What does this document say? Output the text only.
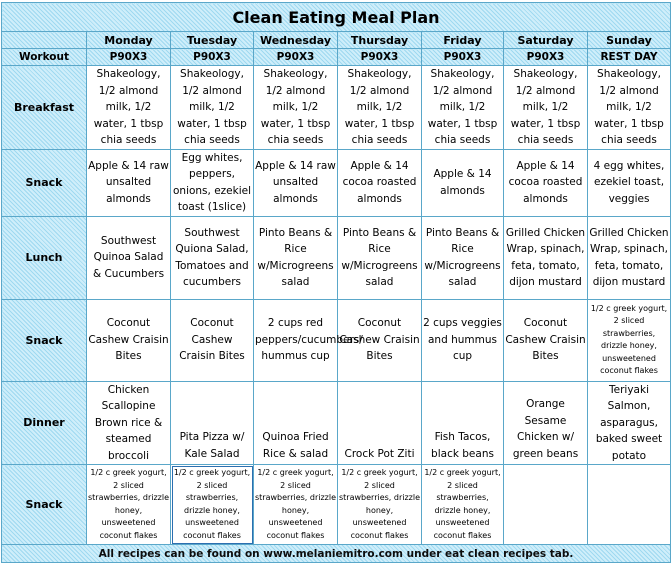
Clean Eating Meal Plan							
	Monday	Tuesday	Wednesday	Thursday	Friday	Saturday	Sunday
Workout	P90X3	P90X3	P90X3	P90X3	P90X3	P90X3	REST DAY
Breakfast	Shakeology, 1/2 almond milk, 1/2 water, 1 tbsp chia seeds	Shakeology, 1/2 almond milk, 1/2 water, 1 tbsp chia seeds	Shakeology, 1/2 almond milk, 1/2 water, 1 tbsp chia seeds	Shakeology, 1/2 almond milk, 1/2 water, 1 tbsp chia seeds	Shakeology, 1/2 almond milk, 1/2 water, 1 tbsp chia seeds	Shakeology, 1/2 almond milk, 1/2 water, 1 tbsp chia seeds	Shakeology, 1/2 almond milk, 1/2 water, 1 tbsp chia seeds
Snack	Apple & 14 raw unsalted almonds	Egg whites, peppers, onions, ezekiel toast (1slice)	Apple & 14 raw unsalted almonds	Apple & 14 cocoa roasted almonds	Apple & 14 almonds	Apple & 14 cocoa roasted almonds	4 egg whites, ezekiel toast, veggies
Lunch	Southwest Quinoa Salad & Cucumbers	Southwest Quiona Salad, Tomatoes and cucumbers	Pinto Beans & Rice w/Microgreens salad	Pinto Beans & Rice w/Microgreens salad	Pinto Beans & Rice w/Microgreens salad	Grilled Chicken Wrap, spinach, feta, tomato, dijon mustard	Grilled Chicken Wrap, spinach, feta, tomato, dijon mustard
Snack	Coconut Cashew Craisin Bites	Coconut Cashew Craisin Bites	2 cups red peppers/cucumbers/ hummus cup	Coconut Cashew Craisin Bites	2 cups veggies and hummus cup	Coconut Cashew Craisin Bites	1/2 c greek yogurt, 2 sliced strawberries, drizzle honey, unsweetened coconut flakes
Dinner	Chicken Scallopine Brown rice & steamed broccoli	Pita Pizza w/ Kale Salad	Quinoa Fried Rice & salad	Crock Pot Ziti	Fish Tacos, black beans	Orange Sesame Chicken w/ green beans	Teriyaki Salmon, asparagus, baked sweet potato
Snack	1/2 c greek yogurt, 2 sliced strawberries, drizzle honey, unsweetened coconut flakes	1/2 c greek yogurt, 2 sliced strawberries, drizzle honey, unsweetened coconut flakes	1/2 c greek yogurt, 2 sliced strawberries, drizzle honey, unsweetened coconut flakes	1/2 c greek yogurt, 2 sliced strawberries, drizzle honey, unsweetened coconut flakes	1/2 c greek yogurt, 2 sliced strawberries, drizzle honey, unsweetened coconut flakes		
All recipes can be found on www.melaniemitro.com under eat clean recipes tab.							
